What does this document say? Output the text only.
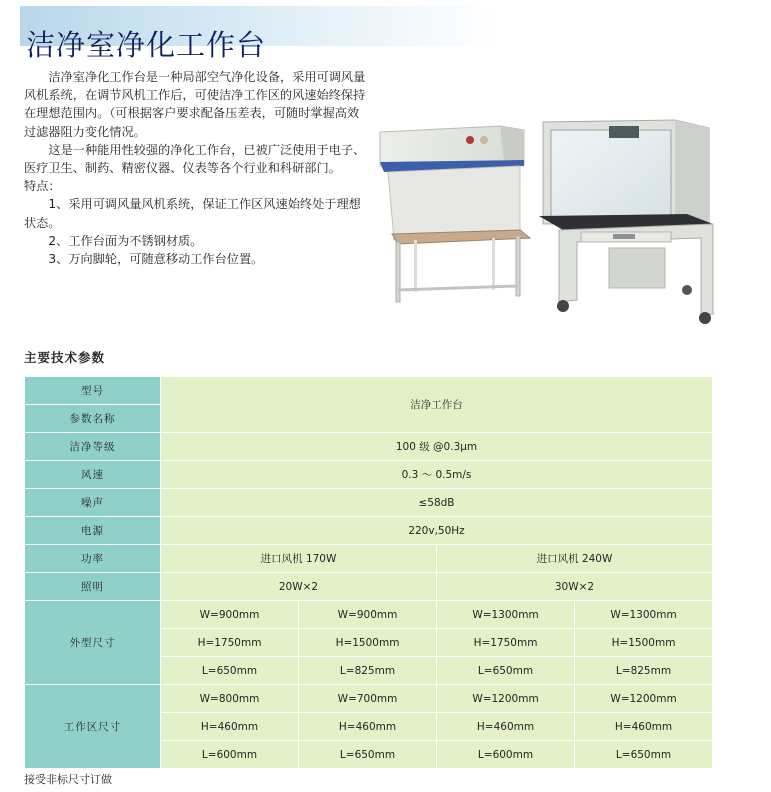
洁净室净化工作台

洁净室净化工作台是一种局部空气净化设备，采用可调风量风机系统，在调节风机工作后，可使洁净工作区的风速始终保持在理想范围内。（可根据客户要求配备压差表，可随时掌握高效过滤器阻力变化情况。

这是一种能用性较强的净化工作台，已被广泛使用于电子、医疗卫生、制药、精密仪器、仪表等各个行业和科研部门。

特点：

1、采用可调风量风机系统，保证工作区风速始终处于理想状态。

2、工作台面为不锈钢材质。

3、万向脚轮，可随意移动工作台位置。

主要技术参数
型号	洁净工作台			
参数名称				
洁净等级	100 级 @0.3μm			
风速	0.3 ～ 0.5m/s			
噪声	≤58dB			
电源	220v,50Hz			
功率	进口风机 170W		进口风机 240W	
照明	20W×2		30W×2	
外型尺寸	W=900mm	W=900mm	W=1300mm	W=1300mm
	H=1750mm	H=1500mm	H=1750mm	H=1500mm
	L=650mm	L=825mm	L=650mm	L=825mm
工作区尺寸	W=800mm	W=700mm	W=1200mm	W=1200mm
	H=460mm	H=460mm	H=460mm	H=460mm
	L=600mm	L=650mm	L=600mm	L=650mm
接受非标尺寸订做
